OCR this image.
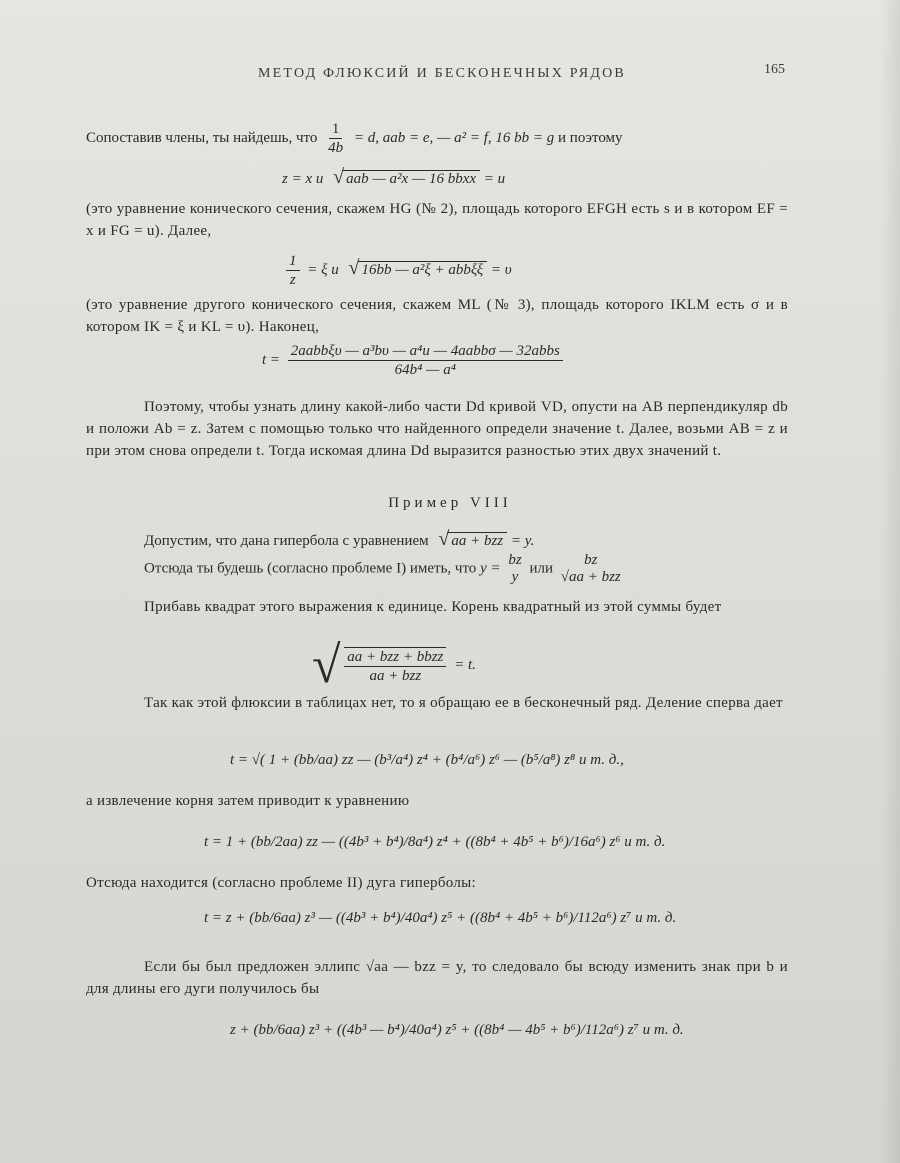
МЕТОД ФЛЮКСИЙ И БЕСКОНЕЧНЫХ РЯДОВ	165
Сопоставив члены, ты найдешь, что $\frac{1}{4b} = d$, aab = e, — a² = f, 16 bb = g и поэтому
z = x и √ aab — a²x — 16 bbxx = u
(это уравнение конического сечения, скажем HG (№ 2), площадь которого EFGH есть s и в котором EF = x и FG = u). Далее,
$\frac{1}{z} = \xi$ и √ 16bb — a²ξ + abbξξ = υ
(это уравнение другого конического сечения, скажем ML (№ 3), площадь которого IKLM есть σ и в котором IK = ξ и KL = υ). Наконец,
$t = \frac{\text{2aabbξυ — a³bυ — a⁴u — 4aabbσ — 32abbs}}{\text{64b⁴ — a⁴}}$
Поэтому, чтобы узнать длину какой-либо части Dd кривой VD, опусти на AB перпендикуляр db и положи Ab = z. Затем с помощью только что найденного определи значение t. Далее, возьми AB = z и при этом снова определи t. Тогда искомая длина Dd выразится разностью этих двух значений t.
Пример VIII
Допустим, что дана гипербола с уравнением √ aa + bzz = y.
Отсюда ты будешь (согласно проблеме I) иметь, что y =
bz
y
или
bz
√aa + bzz
Прибавь квадрат этого выражения к единице. Корень квадратный из этой суммы будет
√ $\frac{\text{aa + bzz + bbzz}}{\text{aa + bzz}} = t$.
Так как этой флюксии в таблицах нет, то я обращаю ее в бесконечный ряд. Деление сперва дает
t = √( 1 + (bb/aa) zz — (b³/a⁴) z⁴ + (b⁴/a⁶) z⁶ — (b⁵/a⁸) z⁸ и т. д.,
а извлечение корня затем приводит к уравнению
t = 1 + (bb/2aa) zz — ((4b³ + b⁴)/8a⁴) z⁴ + ((8b⁴ + 4b⁵ + b⁶)/16a⁶) z⁶ и т. д.
Отсюда находится (согласно проблеме II) дуга гиперболы:
t = z + (bb/6aa) z³ — ((4b³ + b⁴)/40a⁴) z⁵ + ((8b⁴ + 4b⁵ + b⁶)/112a⁶) z⁷ и т. д.
Если бы был предложен эллипс √aa — bzz = y, то следовало бы всюду изменить знак при b и для длины его дуги получилось бы
z + (bb/6aa) z³ + ((4b³ — b⁴)/40a⁴) z⁵ + ((8b⁴ — 4b⁵ + b⁶)/112a⁶) z⁷ и т. д.
